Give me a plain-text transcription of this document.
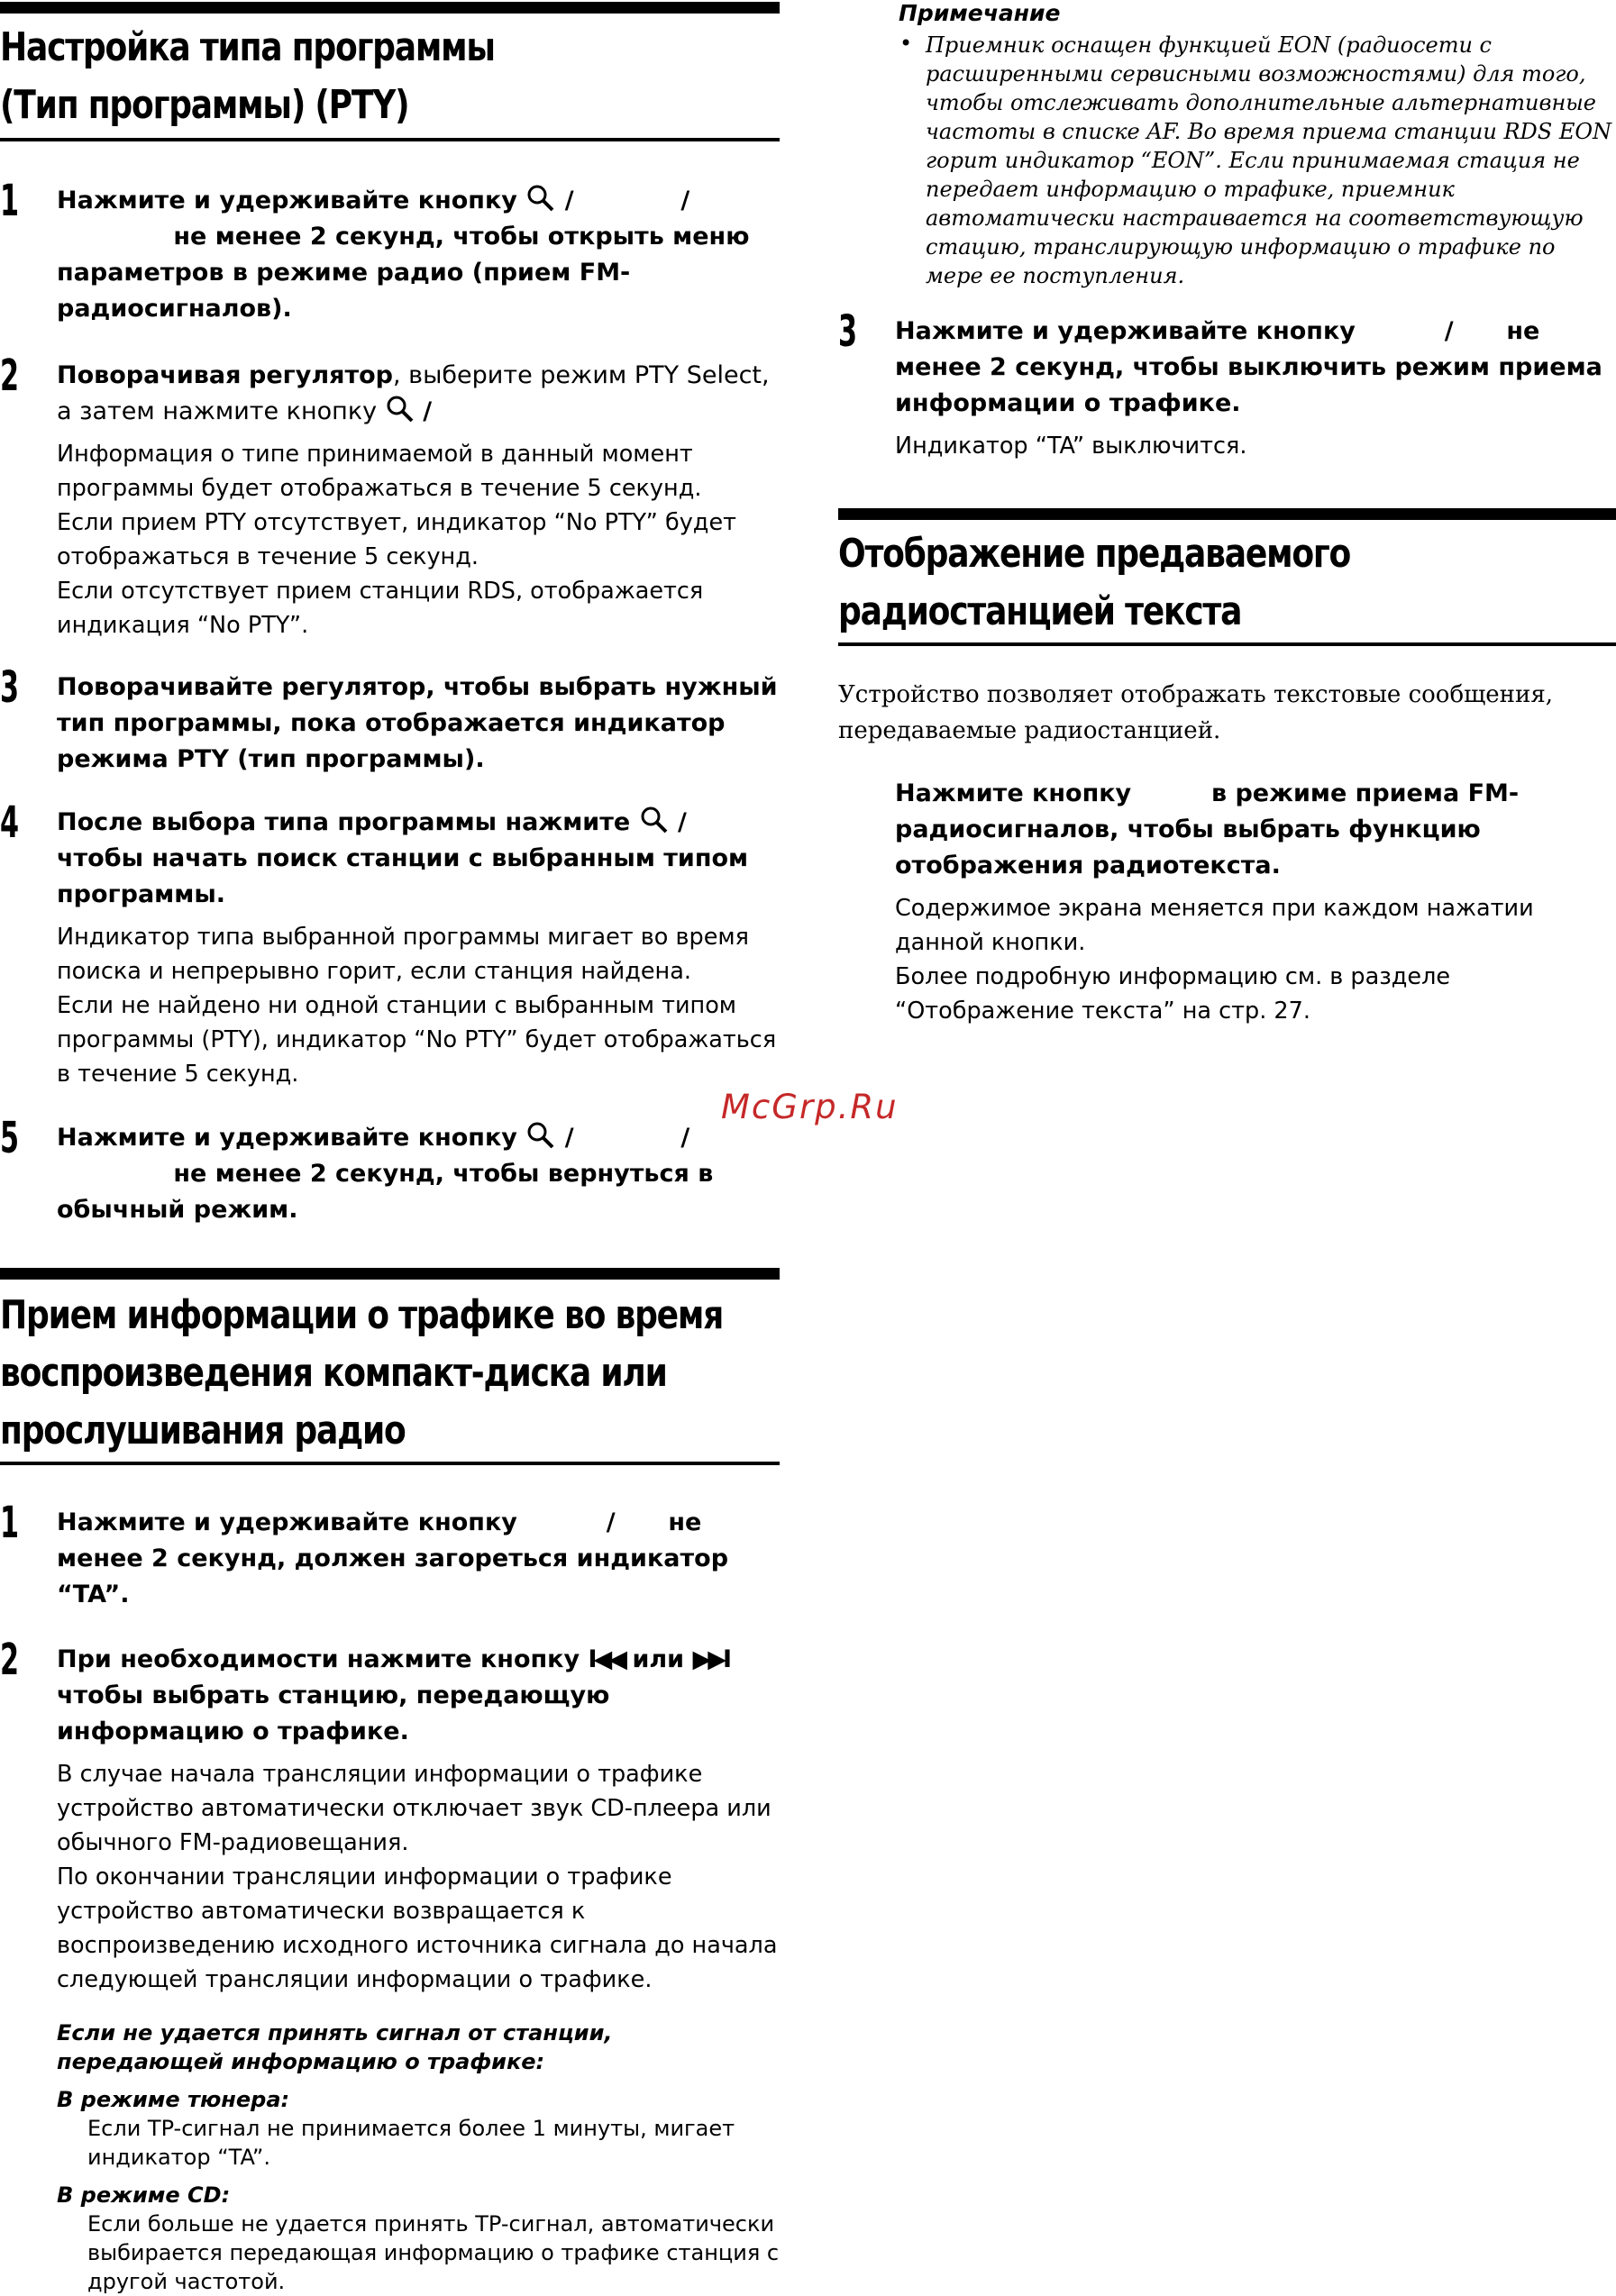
Настройка типа программы
(Тип программы) (PTY)
1 Нажмите и удерживайте кнопку /	/  не менее 2 секунд, чтобы открыть меню параметров в режиме радио (прием FM-радиосигналов).
2 Поворачивая регулятор, выберите режим PTY Select, а затем нажмите кнопку /
Информация о типе принимаемой в данный момент программы будет отображаться в течение 5 секунд.
Если прием PTY отсутствует, индикатор “No PTY” будет отображаться в течение 5 секунд.
Если отсутствует прием станции RDS, отображается индикация “No PTY”.
3 Поворачивайте регулятор, чтобы выбрать нужный тип программы, пока отображается индикатор режима PTY (тип программы).
4 После выбора типа программы нажмите / чтобы начать поиск станции с выбранным типом программы.
Индикатор типа выбранной программы мигает во время поиска и непрерывно горит, если станция найдена.
Если не найдено ни одной станции с выбранным типом программы (PTY), индикатор “No PTY” будет отображаться в течение 5 секунд.
5 Нажмите и удерживайте кнопку /	/  не менее 2 секунд, чтобы вернуться в обычный режим.
Прием информации о трафике во время
воспроизведения компакт-диска или
прослушивания радио
1 Нажмите и удерживайте кнопку	/ не менее 2 секунд, должен загореться индикатор “TA”.
2 При необходимости нажмите кнопку I◀◀ или ▶▶I чтобы выбрать станцию, передающую информацию о трафике.
В случае начала трансляции информации о трафике устройство автоматически отключает звук CD-плеера или обычного FM-радиовещания.
По окончании трансляции информации о трафике устройство автоматически возвращается к воспроизведению исходного источника сигнала до начала следующей трансляции информации о трафике.
Если не удается принять сигнал от станции, передающей информацию о трафике:
В режиме тюнера:
Если TP-сигнал не принимается более 1 минуты, мигает индикатор “TA”.
В режиме CD:
Если больше не удается принять TP-сигнал, автоматически выбирается передающая информацию о трафике станция с другой частотой.
Примечание
• Приемник оснащен функцией EON (радиосети с расширенными сервисными возможностями) для того, чтобы отслеживать дополнительные альтернативные частоты в списке AF. Во время приема станции RDS EON горит индикатор “EON”. Если принимаемая стация не передает информацию о трафике, приемник автоматически настраивается на соответствующую стацию, транслирующую информацию о трафике по мере ее поступления.
3 Нажмите и удерживайте кнопку	/ не менее 2 секунд, чтобы выключить режим приема информации о трафике.
Индикатор “TA” выключится.
Отображение предаваемого
радиостанцией текста
Устройство позволяет отображать текстовые сообщения, передаваемые радиостанцией.
Нажмите кнопку	в режиме приема FM-радиосигналов, чтобы выбрать функцию отображения радиотекста.
Содержимое экрана меняется при каждом нажатии данной кнопки.
Более подробную информацию см. в разделе “Отображение текста” на стр. 27.
McGrp.Ru
